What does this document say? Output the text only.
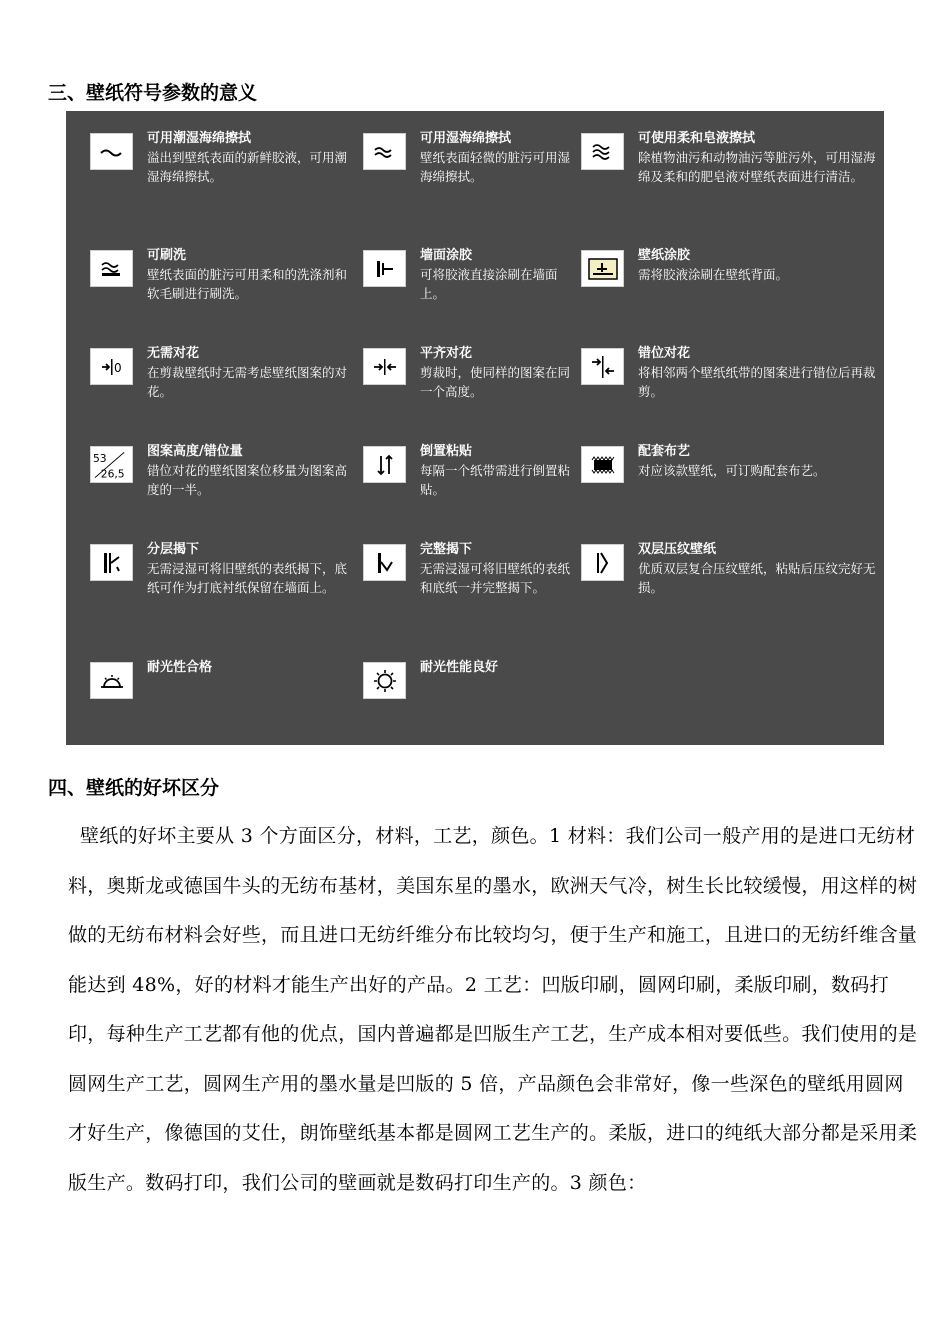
三、壁纸符号参数的意义
可用潮湿海绵擦拭
溢出到壁纸表面的新鲜胶液，可用潮湿海绵擦拭。
可用湿海绵擦拭
壁纸表面轻微的脏污可用湿海绵擦拭。
可使用柔和皂液擦拭
除植物油污和动物油污等脏污外，可用湿海绵及柔和的肥皂液对壁纸表面进行清洁。
可刷洗
壁纸表面的脏污可用柔和的洗涤剂和软毛刷进行刷洗。
墙面涂胶
可将胶液直接涂刷在墙面上。
壁纸涂胶
需将胶液涂刷在壁纸背面。
0
无需对花
在剪裁壁纸时无需考虑壁纸图案的对花。
平齐对花
剪裁时，使同样的图案在同一个高度。
错位对花
将相邻两个壁纸纸带的图案进行错位后再裁剪。
53
26,5
图案高度/错位量
错位对花的壁纸图案位移量为图案高度的一半。
倒置粘贴
每隔一个纸带需进行倒置粘贴。
配套布艺
对应该款壁纸，可订购配套布艺。
分层揭下
无需浸湿可将旧壁纸的表纸揭下，底纸可作为打底衬纸保留在墙面上。
完整揭下
无需浸湿可将旧壁纸的表纸和底纸一并完整揭下。
双层压纹壁纸
优质双层复合压纹壁纸，粘贴后压纹完好无损。
耐光性合格	耐光性能良好
四、壁纸的好坏区分

壁纸的好坏主要从 3 个方面区分，材料，工艺，颜色。1 材料：我们公司一般产用的是进口无纺材料，奥斯龙或德国牛头的无纺布基材，美国东星的墨水，欧洲天气冷，树生长比较缓慢，用这样的树做的无纺布材料会好些，而且进口无纺纤维分布比较均匀，便于生产和施工，且进口的无纺纤维含量能达到 48%，好的材料才能生产出好的产品。2 工艺：凹版印刷，圆网印刷，柔版印刷，数码打印，每种生产工艺都有他的优点，国内普遍都是凹版生产工艺，生产成本相对要低些。我们使用的是圆网生产工艺，圆网生产用的墨水量是凹版的 5 倍，产品颜色会非常好，像一些深色的壁纸用圆网才好生产，像德国的艾仕，朗饰壁纸基本都是圆网工艺生产的。柔版，进口的纯纸大部分都是采用柔版生产。数码打印，我们公司的壁画就是数码打印生产的。3 颜色：
